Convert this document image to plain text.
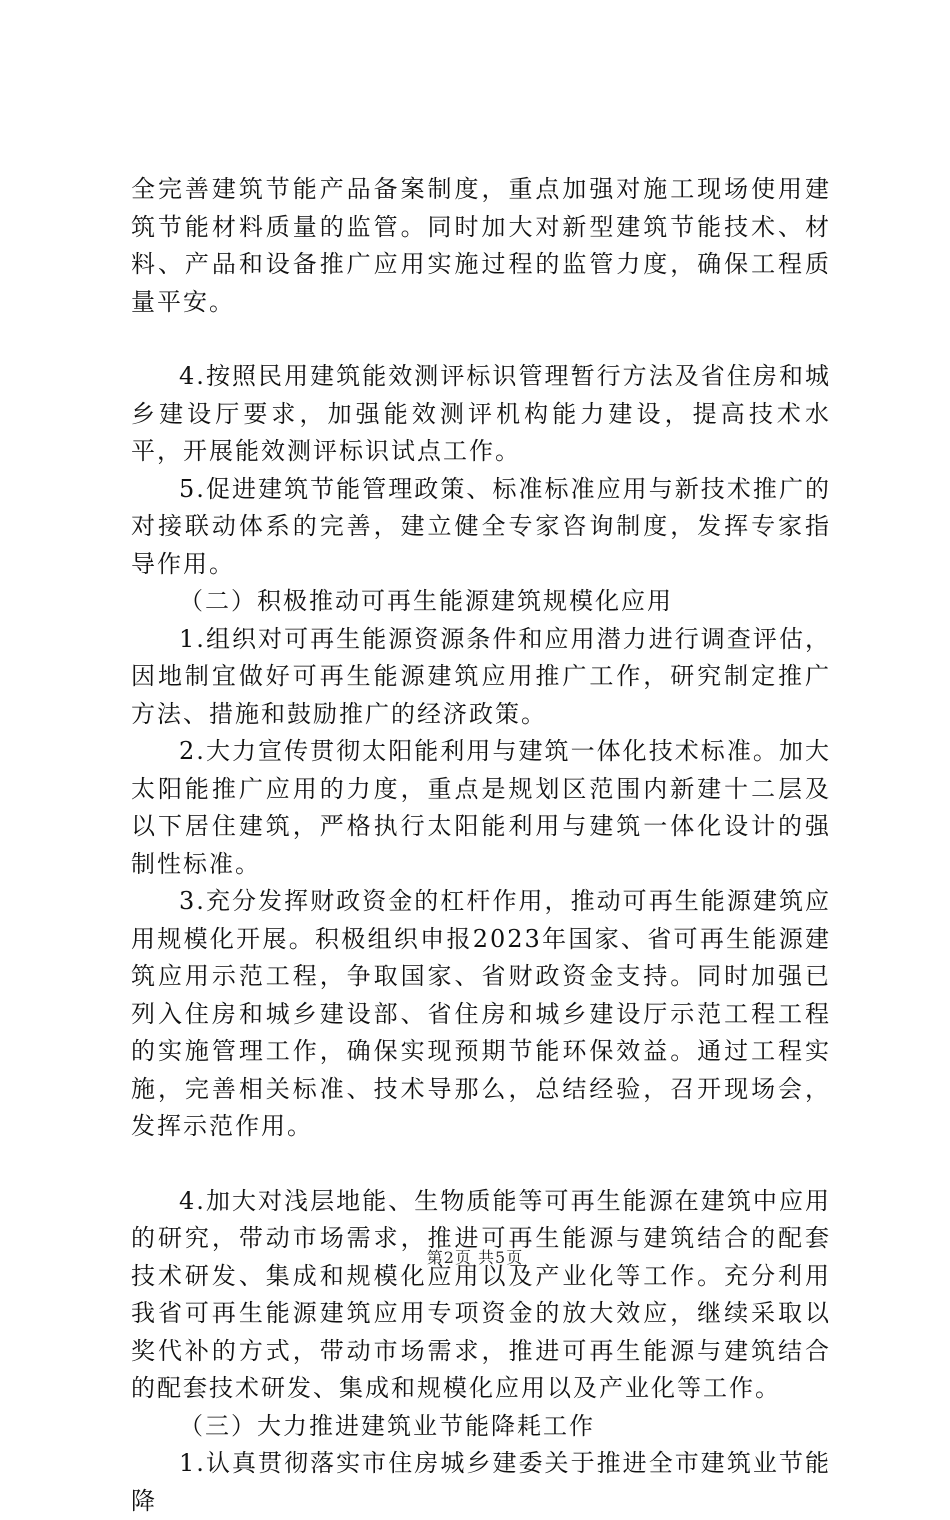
全完善建筑节能产品备案制度，重点加强对施工现场使用建筑节能材料质量的监管。同时加大对新型建筑节能技术、材料、产品和设备推广应用实施过程的监管力度，确保工程质量平安。

4.按照民用建筑能效测评标识管理暂行方法及省住房和城乡建设厅要求，加强能效测评机构能力建设，提高技术水平，开展能效测评标识试点工作。

5.促进建筑节能管理政策、标准标准应用与新技术推广的对接联动体系的完善，建立健全专家咨询制度，发挥专家指导作用。

（二）积极推动可再生能源建筑规模化应用

1.组织对可再生能源资源条件和应用潜力进行调查评估，因地制宜做好可再生能源建筑应用推广工作，研究制定推广方法、措施和鼓励推广的经济政策。

2.大力宣传贯彻太阳能利用与建筑一体化技术标准。加大太阳能推广应用的力度，重点是规划区范围内新建十二层及以下居住建筑，严格执行太阳能利用与建筑一体化设计的强制性标准。

3.充分发挥财政资金的杠杆作用，推动可再生能源建筑应用规模化开展。积极组织申报2023年国家、省可再生能源建筑应用示范工程，争取国家、省财政资金支持。同时加强已列入住房和城乡建设部、省住房和城乡建设厅示范工程工程的实施管理工作，确保实现预期节能环保效益。通过工程实施，完善相关标准、技术导那么，总结经验，召开现场会，发挥示范作用。

4.加大对浅层地能、生物质能等可再生能源在建筑中应用的研究，带动市场需求，推进可再生能源与建筑结合的配套技术研发、集成和规模化应用以及产业化等工作。充分利用我省可再生能源建筑应用专项资金的放大效应，继续采取以奖代补的方式，带动市场需求，推进可再生能源与建筑结合的配套技术研发、集成和规模化应用以及产业化等工作。

（三）大力推进建筑业节能降耗工作

1.认真贯彻落实市住房城乡建委关于推进全市建筑业节能降

第2页 共5页
